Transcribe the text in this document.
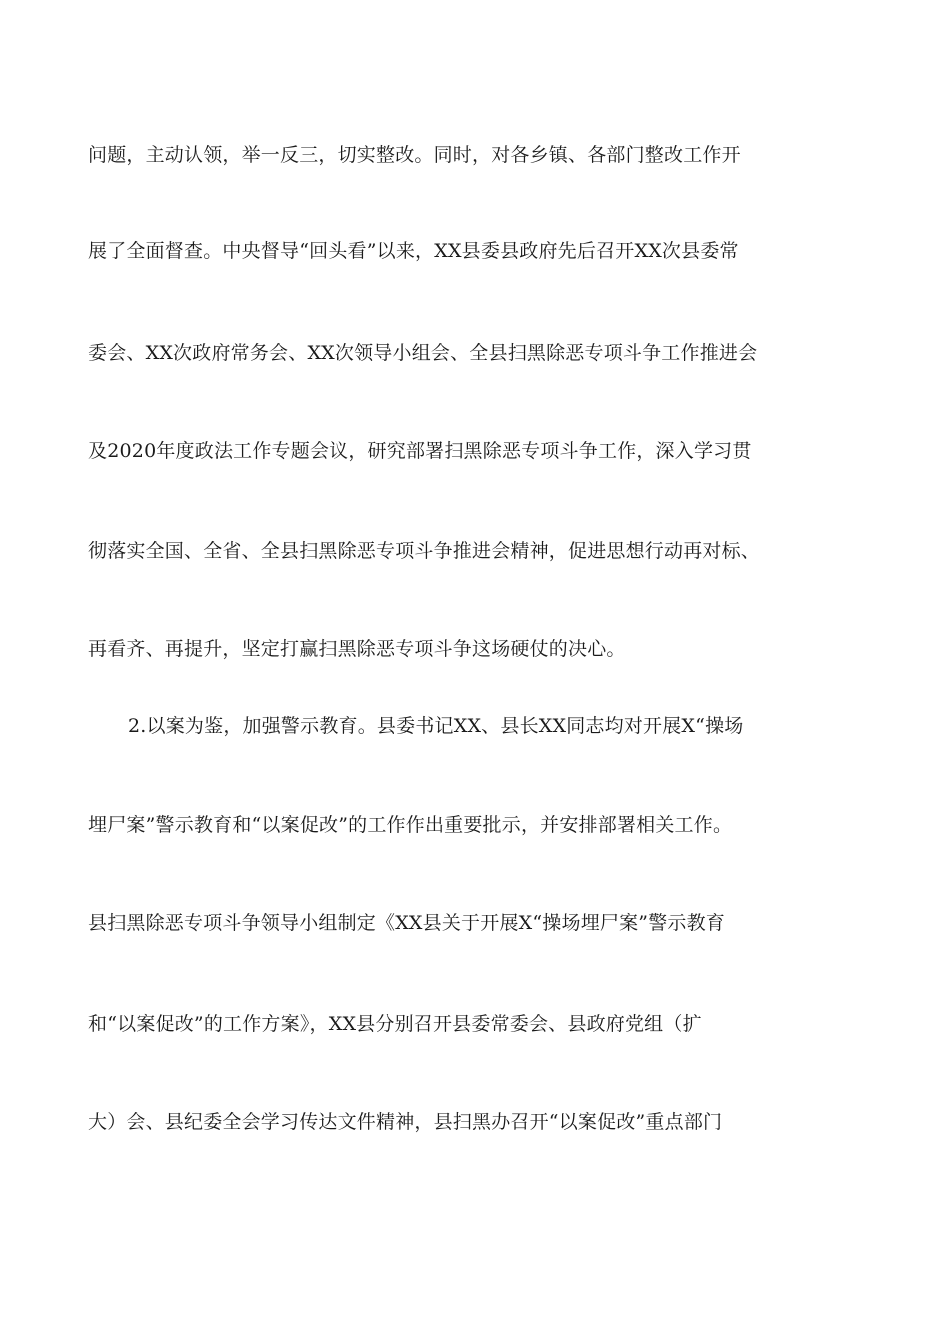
问题，主动认领，举一反三，切实整改。同时，对各乡镇、各部门整改工作开
展了全面督查。中央督导“回头看”以来，XX县委县政府先后召开XX次县委常
委会、XX次政府常务会、XX次领导小组会、全县扫黑除恶专项斗争工作推进会
及2020年度政法工作专题会议，研究部署扫黑除恶专项斗争工作，深入学习贯
彻落实全国、全省、全县扫黑除恶专项斗争推进会精神，促进思想行动再对标、
再看齐、再提升，坚定打赢扫黑除恶专项斗争这场硬仗的决心。
2.以案为鉴，加强警示教育。县委书记XX、县长XX同志均对开展X“操场
埋尸案”警示教育和“以案促改”的工作作出重要批示，并安排部署相关工作。
县扫黑除恶专项斗争领导小组制定《XX县关于开展X“操场埋尸案”警示教育
和“以案促改”的工作方案》，XX县分别召开县委常委会、县政府党组（扩
大）会、县纪委全会学习传达文件精神，县扫黑办召开“以案促改”重点部门
